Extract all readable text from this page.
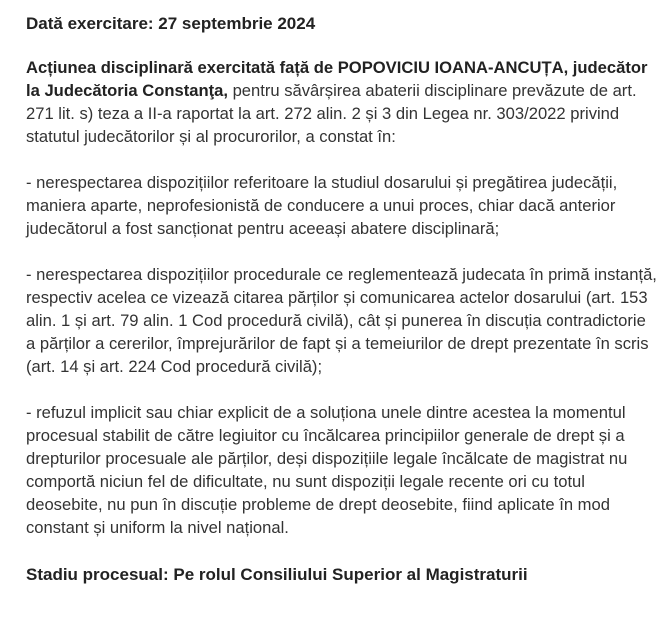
Dată exercitare: 27 septembrie 2024

Acțiunea disciplinară exercitată față de POPOVICIU IOANA-ANCUȚA, judecător la Judecătoria Constanţa, pentru săvârșirea abaterii disciplinare prevăzute de art. 271 lit. s) teza a II-a raportat la art. 272 alin. 2 și 3 din Legea nr. 303/2022 privind statutul judecătorilor și al procurorilor, a constat în:

- nerespectarea dispozițiilor referitoare la studiul dosarului și pregătirea judecății, maniera aparte, neprofesionistă de conducere a unui proces, chiar dacă anterior judecătorul a fost sancționat pentru aceeași abatere disciplinară;

- nerespectarea dispozițiilor procedurale ce reglementează judecata în primă instanță, respectiv acelea ce vizează citarea părților și comunicarea actelor dosarului (art. 153 alin. 1 și art. 79 alin. 1 Cod procedură civilă), cât și punerea în discuția contradictorie a părților a cererilor, împrejurărilor de fapt și a temeiurilor de drept prezentate în scris (art. 14 și art. 224 Cod procedură civilă);

- refuzul implicit sau chiar explicit de a soluționa unele dintre acestea la momentul procesual stabilit de către legiuitor cu încălcarea principiilor generale de drept și a drepturilor procesuale ale părților, deși dispozițiile legale încălcate de magistrat nu comportă niciun fel de dificultate, nu sunt dispoziții legale recente ori cu totul deosebite, nu pun în discuție probleme de drept deosebite, fiind aplicate în mod constant și uniform la nivel național.

Stadiu procesual: Pe rolul Consiliului Superior al Magistraturii
